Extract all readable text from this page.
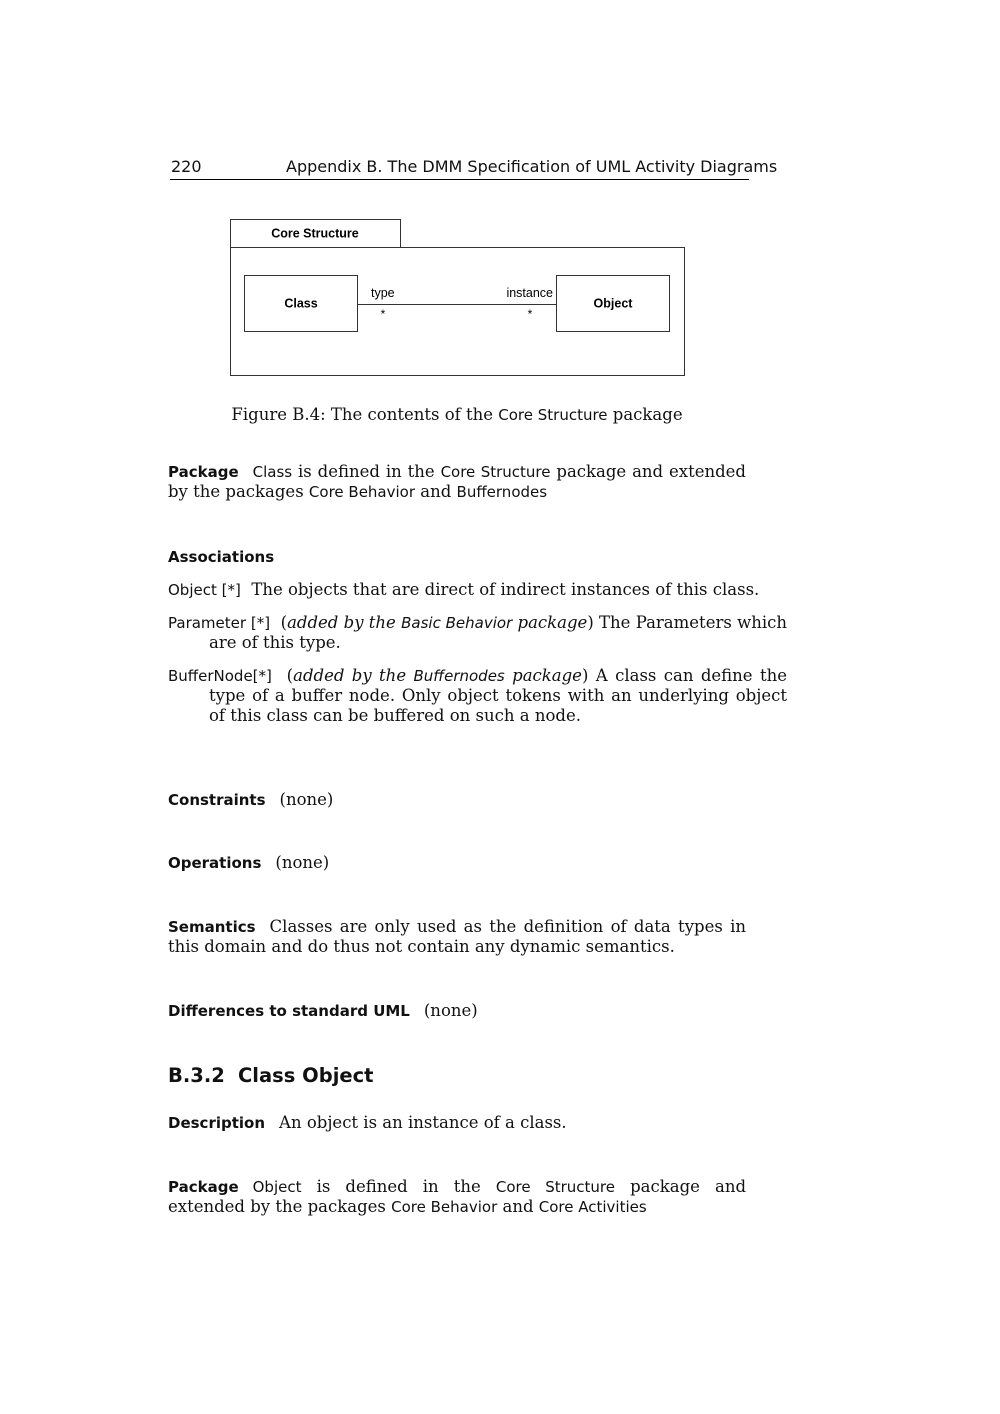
220	Appendix B. The DMM Specification of UML Activity Diagrams
Core Structure
Class	Object
type	instance
*	*
Figure B.4: The contents of the Core Structure package
Package Class is defined in the Core Structure package and extended by the packages Core Behavior and Buffernodes
Associations
Object [*] The objects that are direct of indirect instances of this class.
Parameter [*] (added by the Basic Behavior package) The Parameters which are of this type.
BufferNode[*] (added by the Buffernodes package) A class can define the type of a buffer node. Only object tokens with an underlying object of this class can be buffered on such a node.
Constraints (none)
Operations (none)
Semantics Classes are only used as the definition of data types in this domain and do thus not contain any dynamic semantics.
Differences to standard UML (none)
B.3.2 Class Object
Description An object is an instance of a class.
Package Object is defined in the Core Structure package and extended by the packages Core Behavior and Core Activities
